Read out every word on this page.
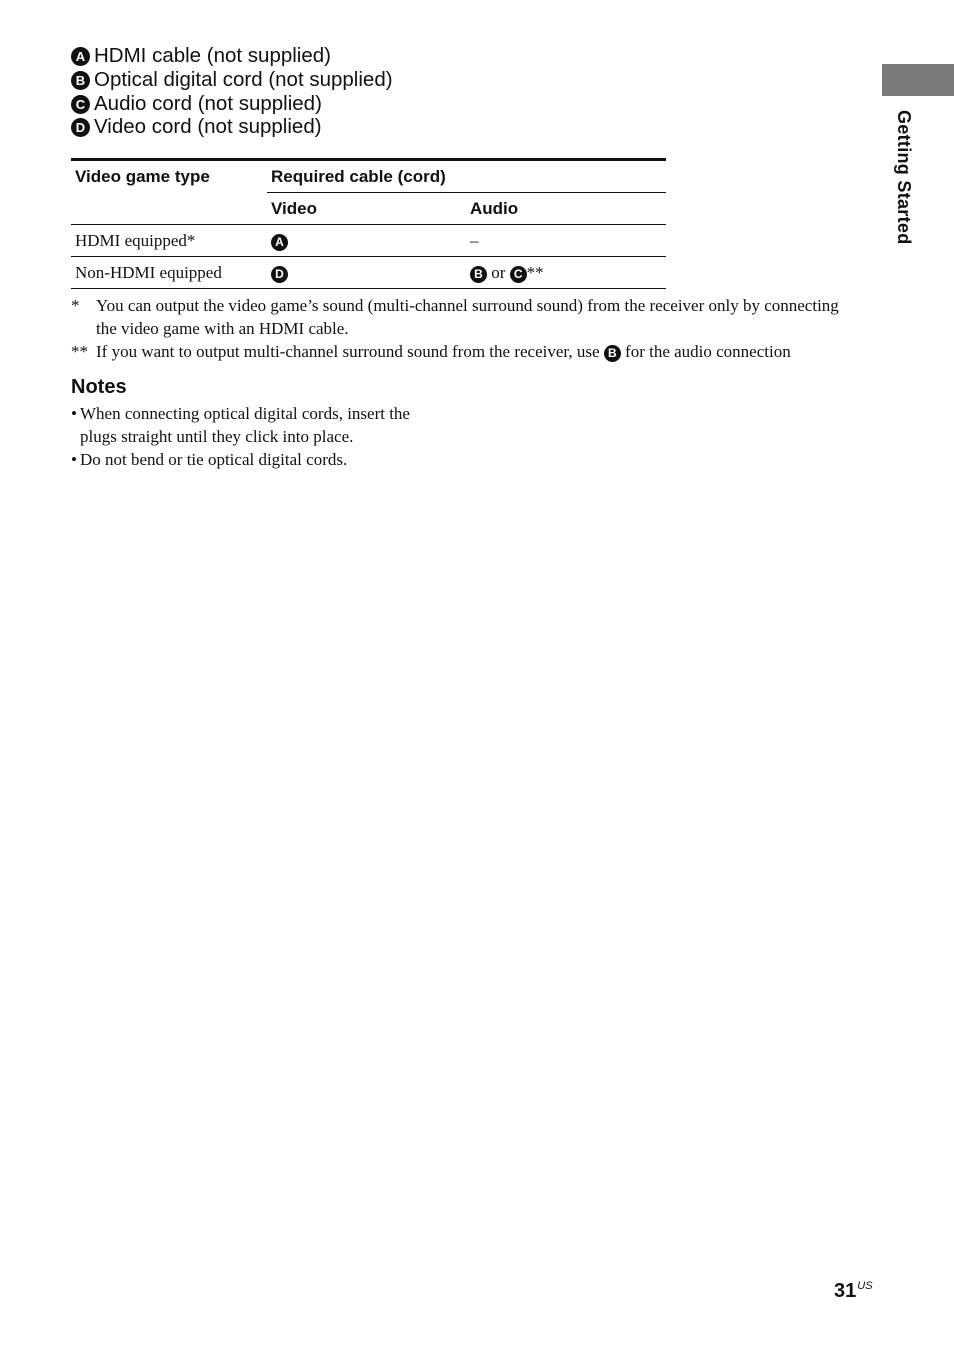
A HDMI cable (not supplied)
B Optical digital cord (not supplied)
C Audio cord (not supplied)
D Video cord (not supplied)
Video game type	Required cable (cord)	
	Video	Audio
HDMI equipped*	A	–
Non-HDMI equipped	D	B or C **
* You can output the video game’s sound (multi-channel surround sound) from the receiver only by connecting the video game with an HDMI cable.
** If you want to output multi-channel surround sound from the receiver, use B for the audio connection
Notes
• When connecting optical digital cords, insert the plugs straight until they click into place.
• Do not bend or tie optical digital cords.
Getting Started
$31^{US}$
